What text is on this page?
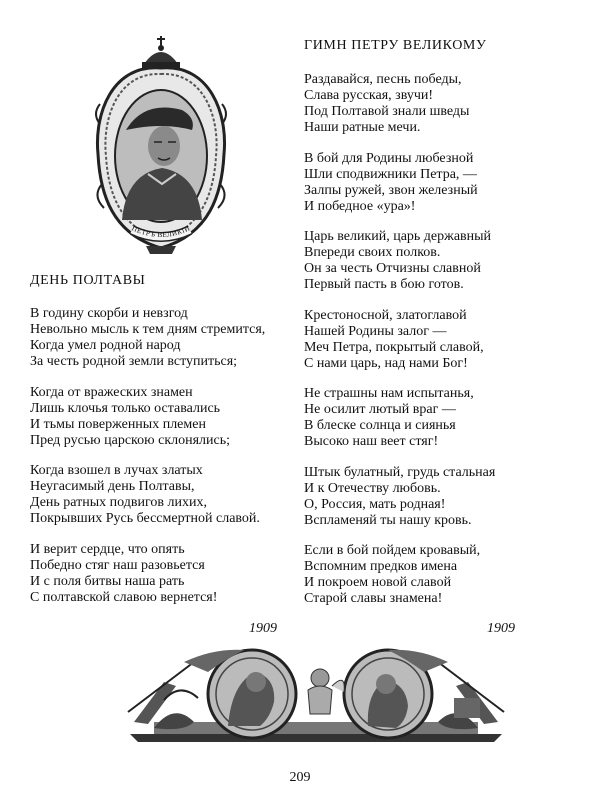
ПЕТРЪ ВЕЛИКIИ
ГИМН ПЕТРУ ВЕЛИКОМУ
Раздавайся, песнь победы,
Слава русская, звучи!
Под Полтавой знали шведы
Наши ратные мечи.
В бой для Родины любезной
Шли сподвижники Петра, —
Залпы ружей, звон железный
И победное «ура»!
Царь великий, царь державный
Впереди своих полков.
Он за честь Отчизны славной
Первый пасть в бою готов.
Крестоносной, златоглавой
Нашей Родины залог —
Меч Петра, покрытый славой,
С нами царь, над нами Бог!
Не страшны нам испытанья,
Не осилит лютый враг —
В блеске солнца и сиянья
Высоко наш веет стяг!
Штык булатный, грудь стальная
И к Отечеству любовь.
О, Россия, мать родная!
Вспламеняй ты нашу кровь.
Если в бой пойдем кровавый,
Вспомним предков имена
И покроем новой славой
Старой славы знамена!
ДЕНЬ ПОЛТАВЫ
В годину скорби и невзгод
Невольно мысль к тем дням стремится,
Когда умел родной народ
За честь родной земли вступиться;
Когда от вражеских знамен
Лишь клочья только оставались
И тьмы поверженных племен
Пред русью царскою склонялись;
Когда взошел в лучах златых
Неугасимый день Полтавы,
День ратных подвигов лихих,
Покрывших Русь бессмертной славой.
И верит сердце, что опять
Победно стяг наш разовьется
И с поля битвы наша рать
С полтавской славою вернется!
1909	1909
209
